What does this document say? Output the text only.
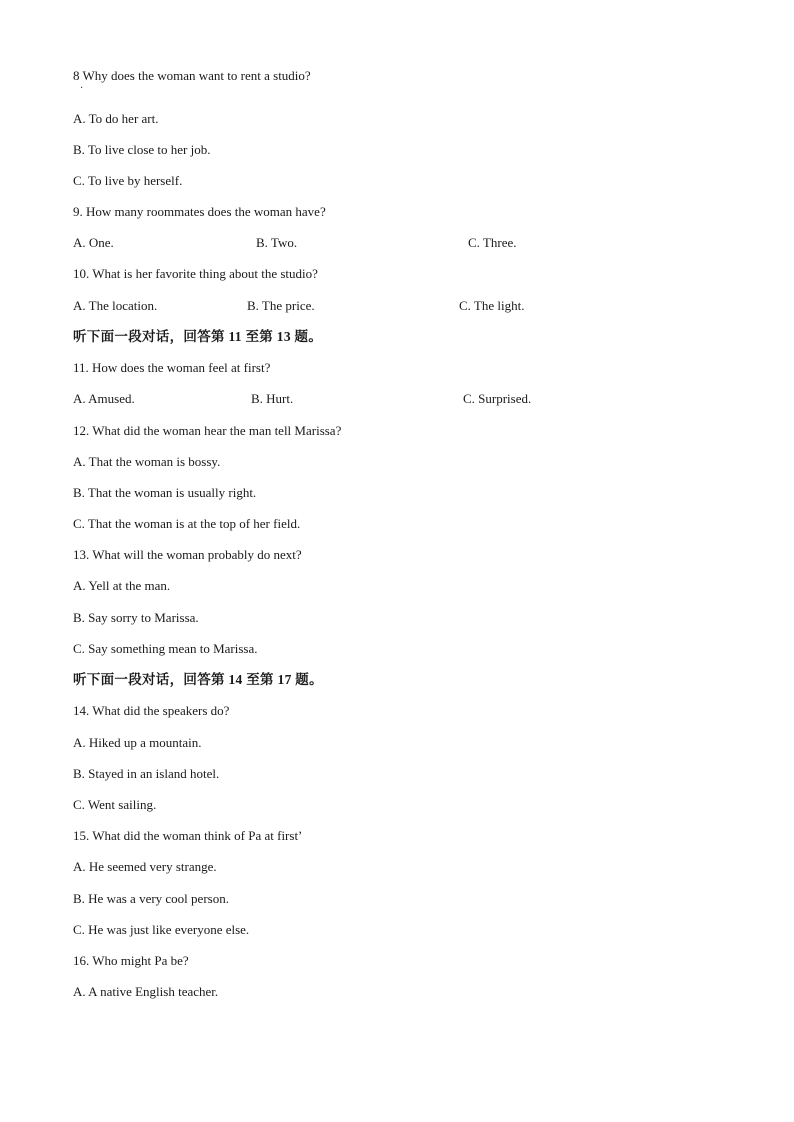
8 Why does the woman want to rent a studio?
·
A. To do her art.
B. To live close to her job.
C. To live by herself.
9. How many roommates does the woman have?
A. One.	B. Two.	C. Three.
10. What is her favorite thing about the studio?
A. The location.	B. The price.	C. The light.
听下面一段对话，回答第 11 至第 13 题。
11. How does the woman feel at first?
A. Amused.	B. Hurt.	C. Surprised.
12. What did the woman hear the man tell Marissa?
A. That the woman is bossy.
B. That the woman is usually right.
C. That the woman is at the top of her field.
13. What will the woman probably do next?
A. Yell at the man.
B. Say sorry to Marissa.
C. Say something mean to Marissa.
听下面一段对话，回答第 14 至第 17 题。
14. What did the speakers do?
A. Hiked up a mountain.
B. Stayed in an island hotel.
C. Went sailing.
15. What did the woman think of Pa at first’
A. He seemed very strange.
B. He was a very cool person.
C. He was just like everyone else.
16. Who might Pa be?
A. A native English teacher.
